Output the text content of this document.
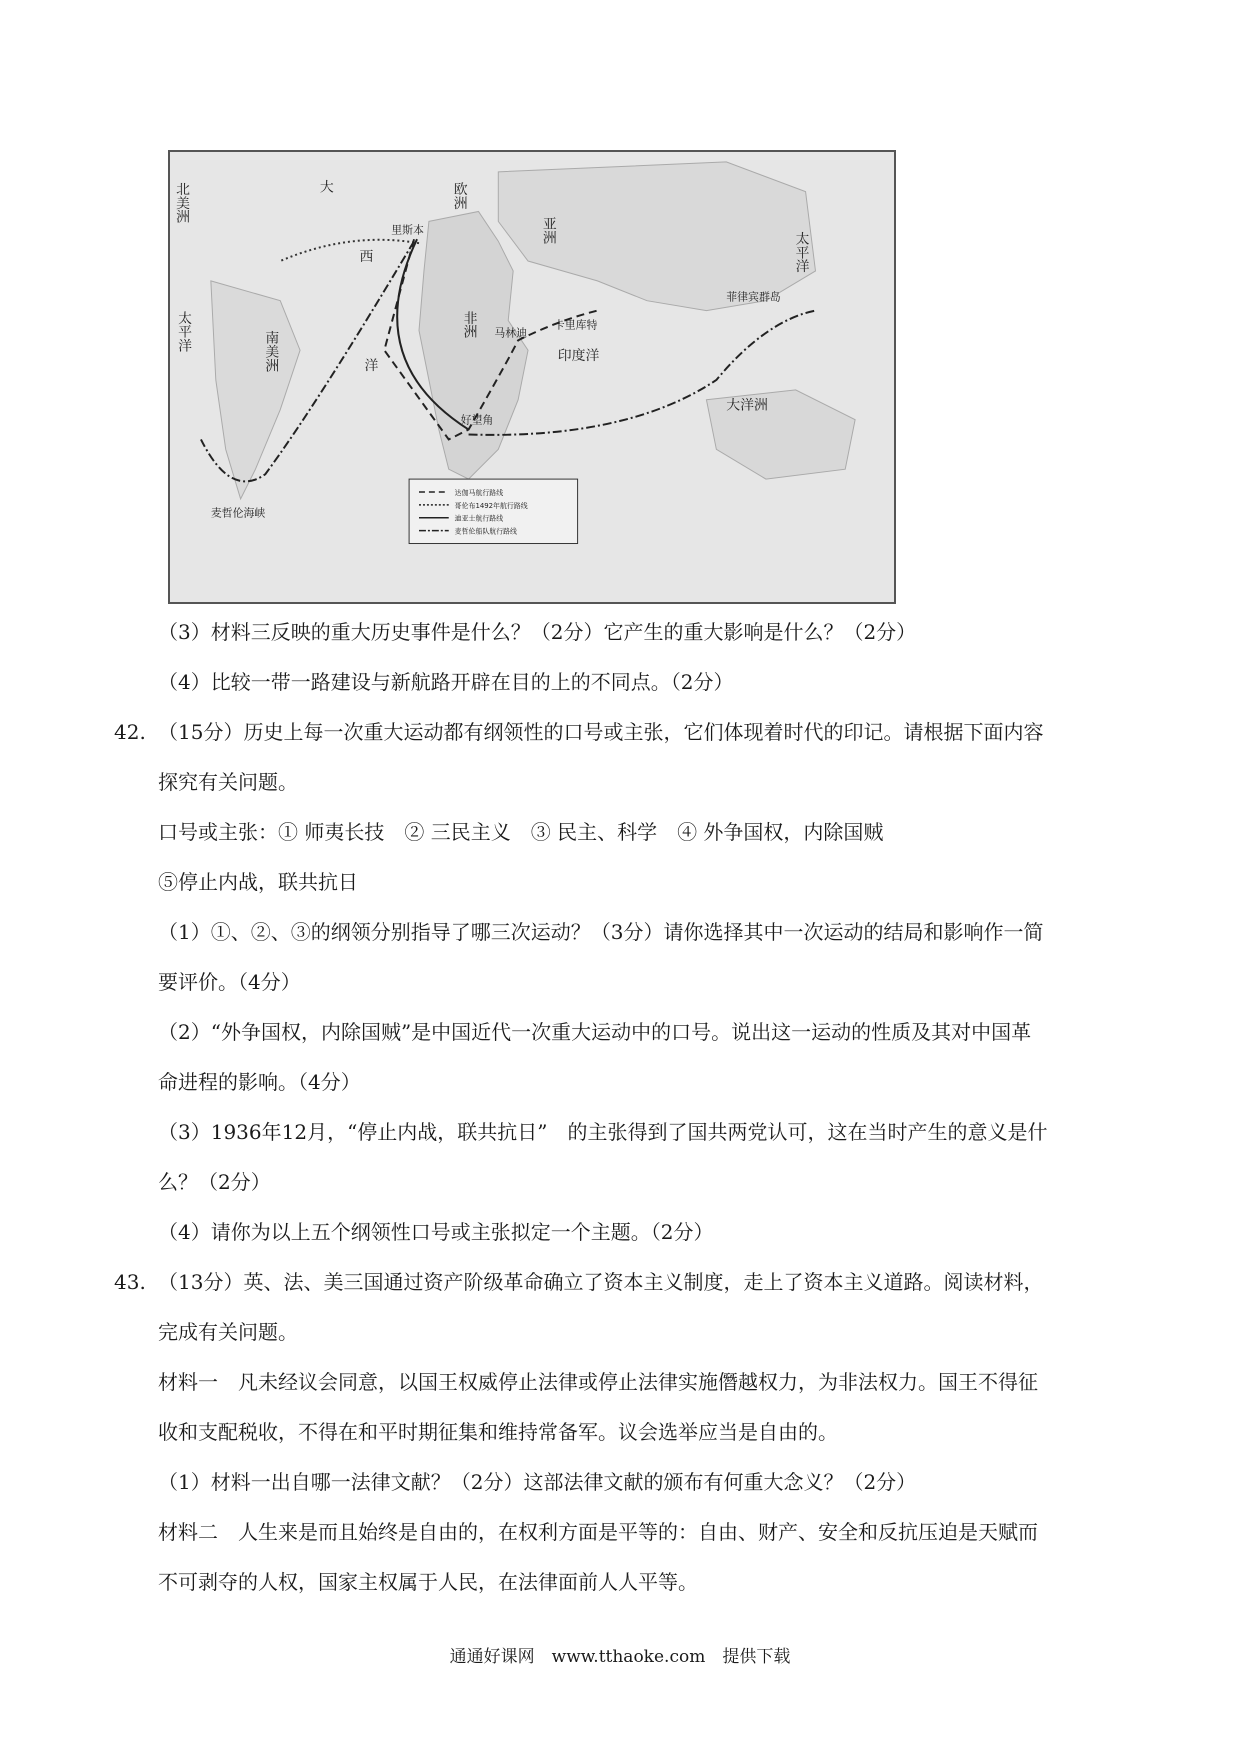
北美洲
太平洋
大
西
洋
南美洲
欧洲
亚洲
非洲
印度洋
太平洋
大洋洲
里斯本
卡里库特
马林迪
好望角
菲律宾群岛
麦哲伦海峡
达伽马航行路线
哥伦布1492年航行路线
迪亚士航行路线
麦哲伦船队航行路线
（3）材料三反映的重大历史事件是什么？（2分）它产生的重大影响是什么？（2分）
（4）比较一带一路建设与新航路开辟在目的上的不同点。（2分）
42. （15分）历史上每一次重大运动都有纲领性的口号或主张，它们体现着时代的印记。请根据下面内容
探究有关问题。
口号或主张：① 师夷长技　② 三民主义　③ 民主、科学　④ 外争国权，内除国贼
⑤停止内战，联共抗日
（1）①、②、③的纲领分别指导了哪三次运动？（3分）请你选择其中一次运动的结局和影响作一简
要评价。（4分）
（2）“外争国权，内除国贼”是中国近代一次重大运动中的口号。说出这一运动的性质及其对中国革
命进程的影响。（4分）
（3）1936年12月，“停止内战，联共抗日”　的主张得到了国共两党认可，这在当时产生的意义是什
么？（2分）
（4）请你为以上五个纲领性口号或主张拟定一个主题。（2分）
43. （13分）英、法、美三国通过资产阶级革命确立了资本主义制度，走上了资本主义道路。阅读材料，
完成有关问题。
材料一　凡未经议会同意，以国王权威停止法律或停止法律实施僭越权力，为非法权力。国王不得征
收和支配税收，不得在和平时期征集和维持常备军。议会选举应当是自由的。
（1）材料一出自哪一法律文献？（2分）这部法律文献的颁布有何重大念义？（2分）
材料二　人生来是而且始终是自由的，在权利方面是平等的：自由、财产、安全和反抗压迫是天赋而
不可剥夺的人权，国家主权属于人民，在法律面前人人平等。
通通好课网　www.tthaoke.com　提供下载
